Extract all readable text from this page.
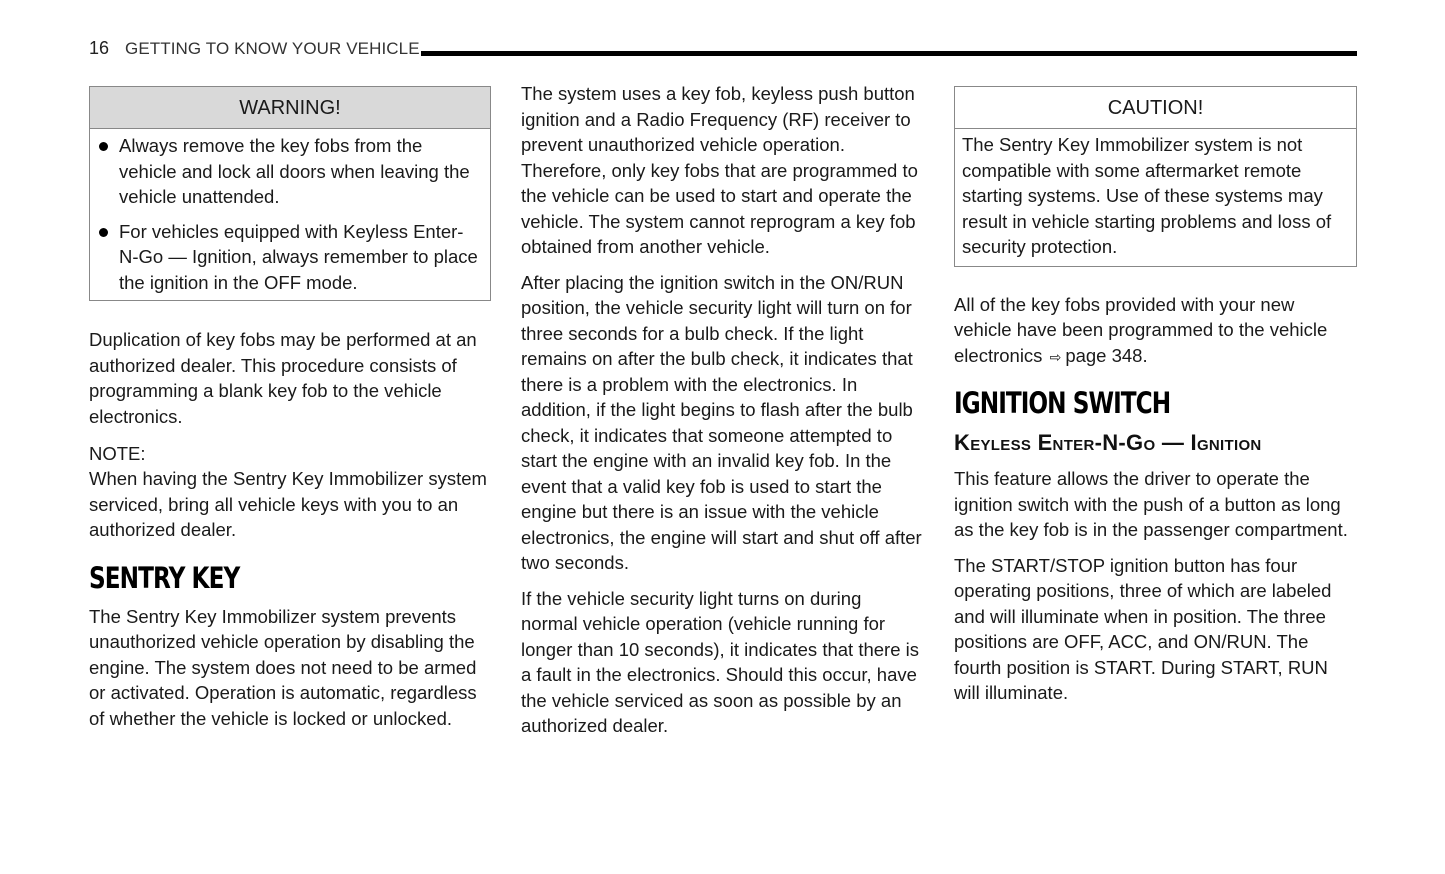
16 GETTING TO KNOW YOUR VEHICLE
WARNING!
Always remove the key fobs from the vehicle and lock all doors when leaving the vehicle unattended.
For vehicles equipped with Keyless Enter-N-Go — Ignition, always remember to place the ignition in the OFF mode.

Duplication of key fobs may be performed at an authorized dealer. This procedure consists of programming a blank key fob to the vehicle electronics.

NOTE:
When having the Sentry Key Immobilizer system serviced, bring all vehicle keys with you to an authorized dealer.
SENTRY KEY

The Sentry Key Immobilizer system prevents unauthorized vehicle operation by disabling the engine. The system does not need to be armed or activated. Operation is automatic, regardless of whether the vehicle is locked or unlocked.

The system uses a key fob, keyless push button ignition and a Radio Frequency (RF) receiver to prevent unauthorized vehicle operation. Therefore, only key fobs that are programmed to the vehicle can be used to start and operate the vehicle. The system cannot reprogram a key fob obtained from another vehicle.

After placing the ignition switch in the ON/RUN position, the vehicle security light will turn on for three seconds for a bulb check. If the light remains on after the bulb check, it indicates that there is a problem with the electronics. In addition, if the light begins to flash after the bulb check, it indicates that someone attempted to start the engine with an invalid key fob. In the event that a valid key fob is used to start the engine but there is an issue with the vehicle electronics, the engine will start and shut off after two seconds.

If the vehicle security light turns on during normal vehicle operation (vehicle running for longer than 10 seconds), it indicates that there is a fault in the electronics. Should this occur, have the vehicle serviced as soon as possible by an authorized dealer.

CAUTION!
The Sentry Key Immobilizer system is not compatible with some aftermarket remote starting systems. Use of these systems may result in vehicle starting problems and loss of security protection.

All of the key fobs provided with your new vehicle have been programmed to the vehicle electronics ⇨ page 348.

IGNITION SWITCH
Keyless Enter-N-Go — Ignition

This feature allows the driver to operate the ignition switch with the push of a button as long as the key fob is in the passenger compartment.

The START/STOP ignition button has four operating positions, three of which are labeled and will illuminate when in position. The three positions are OFF, ACC, and ON/RUN. The fourth position is START. During START, RUN will illuminate.
